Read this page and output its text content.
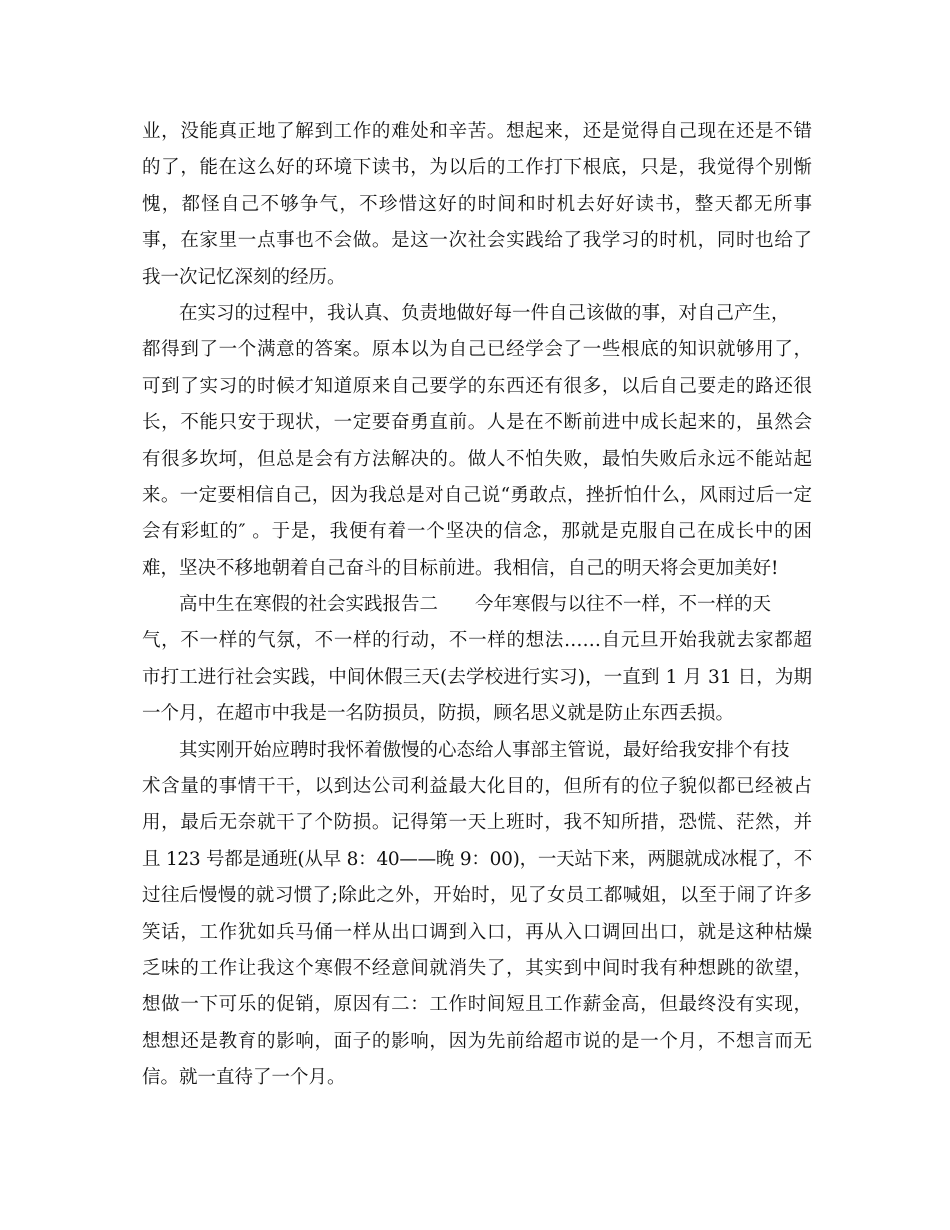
业，没能真正地了解到工作的难处和辛苦。想起来，还是觉得自己现在还是不错
的了，能在这么好的环境下读书，为以后的工作打下根底，只是，我觉得个别惭
愧，都怪自己不够争气，不珍惜这好的时间和时机去好好读书，整天都无所事
事，在家里一点事也不会做。是这一次社会实践给了我学习的时机，同时也给了
我一次记忆深刻的经历。
在实习的过程中，我认真、负责地做好每一件自己该做的事，对自己产生，
都得到了一个满意的答案。原本以为自己已经学会了一些根底的知识就够用了，
可到了实习的时候才知道原来自己要学的东西还有很多，以后自己要走的路还很
长，不能只安于现状，一定要奋勇直前。人是在不断前进中成长起来的，虽然会
有很多坎坷，但总是会有方法解决的。做人不怕失败，最怕失败后永远不能站起
来。一定要相信自己，因为我总是对自己说“勇敢点，挫折怕什么，风雨过后一定
会有彩虹的″ 。于是，我便有着一个坚决的信念，那就是克服自己在成长中的困
难，坚决不移地朝着自己奋斗的目标前进。我相信，自己的明天将会更加美好!
高中生在寒假的社会实践报告二　　今年寒假与以往不一样，不一样的天
气，不一样的气氛，不一样的行动，不一样的想法……自元旦开始我就去家都超
市打工进行社会实践，中间休假三天(去学校进行实习)，一直到 1 月 31 日，为期
一个月，在超市中我是一名防损员，防损，顾名思义就是防止东西丢损。
其实刚开始应聘时我怀着傲慢的心态给人事部主管说，最好给我安排个有技
术含量的事情干干，以到达公司利益最大化目的，但所有的位子貌似都已经被占
用，最后无奈就干了个防损。记得第一天上班时，我不知所措，恐慌、茫然，并
且 123 号都是通班(从早 8：40——晚 9：00)，一天站下来，两腿就成冰棍了，不
过往后慢慢的就习惯了;除此之外，开始时，见了女员工都喊姐，以至于闹了许多
笑话，工作犹如兵马俑一样从出口调到入口，再从入口调回出口，就是这种枯燥
乏味的工作让我这个寒假不经意间就消失了，其实到中间时我有种想跳的欲望，
想做一下可乐的促销，原因有二：工作时间短且工作薪金高，但最终没有实现，
想想还是教育的影响，面子的影响，因为先前给超市说的是一个月，不想言而无
信。就一直待了一个月。
